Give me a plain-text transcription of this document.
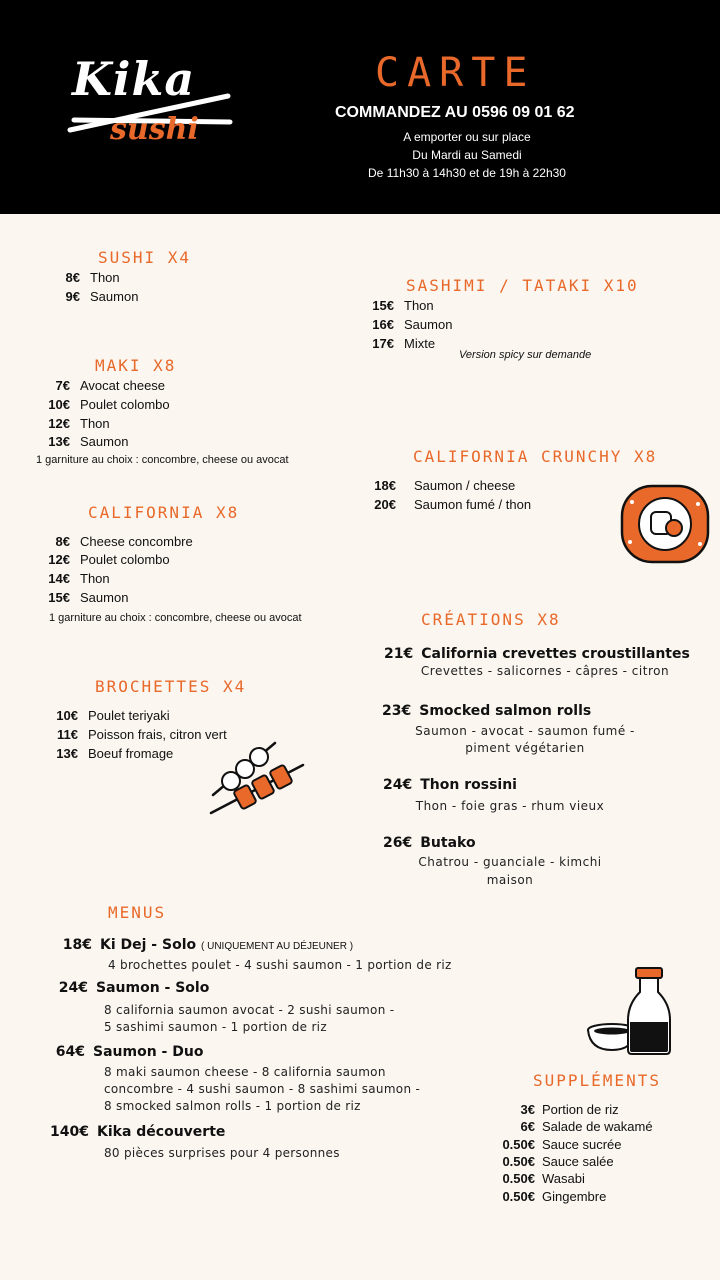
Kika
sushi
CARTE
COMMANDEZ AU 0596 09 01 62
A emporter ou sur place
Du Mardi au Samedi
De 11h30 à 14h30 et de 19h à 22h30
SUSHI X4
8€ Thon
9€ Saumon
MAKI X8
7€ Avocat cheese
10€ Poulet colombo
12€ Thon
13€ Saumon
1 garniture au choix : concombre, cheese ou avocat
CALIFORNIA X8
8€ Cheese concombre
12€ Poulet colombo
14€ Thon
15€ Saumon
1 garniture au choix : concombre, cheese ou avocat
BROCHETTES X4
10€ Poulet teriyaki
11€ Poisson frais, citron vert
13€ Boeuf fromage
SASHIMI / TATAKI X10
15€ Thon
16€ Saumon
17€ Mixte
Version spicy sur demande
CALIFORNIA CRUNCHY X8
18€ Saumon / cheese
20€ Saumon fumé / thon
CRÉATIONS X8
21€ California crevettes croustillantes
Crevettes - salicornes - câpres - citron
23€ Smocked salmon rolls
Saumon - avocat - saumon fumé -
piment végétarien
24€ Thon rossini
Thon - foie gras - rhum vieux
26€ Butako
Chatrou - guanciale - kimchi
maison
MENUS
18€ Ki Dej - Solo ( UNIQUEMENT AU DÉJEUNER )
4 brochettes poulet - 4 sushi saumon - 1 portion de riz
24€ Saumon - Solo
8 california saumon avocat - 2 sushi saumon -
5 sashimi saumon - 1 portion de riz
64€ Saumon - Duo
8 maki saumon cheese - 8 california saumon
concombre - 4 sushi saumon - 8 sashimi saumon -
8 smocked salmon rolls - 1 portion de riz
140€ Kika découverte
80 pièces surprises pour 4 personnes
SUPPLÉMENTS
3€ Portion de riz
6€ Salade de wakamé
0.50€ Sauce sucrée
0.50€ Sauce salée
0.50€ Wasabi
0.50€ Gingembre
